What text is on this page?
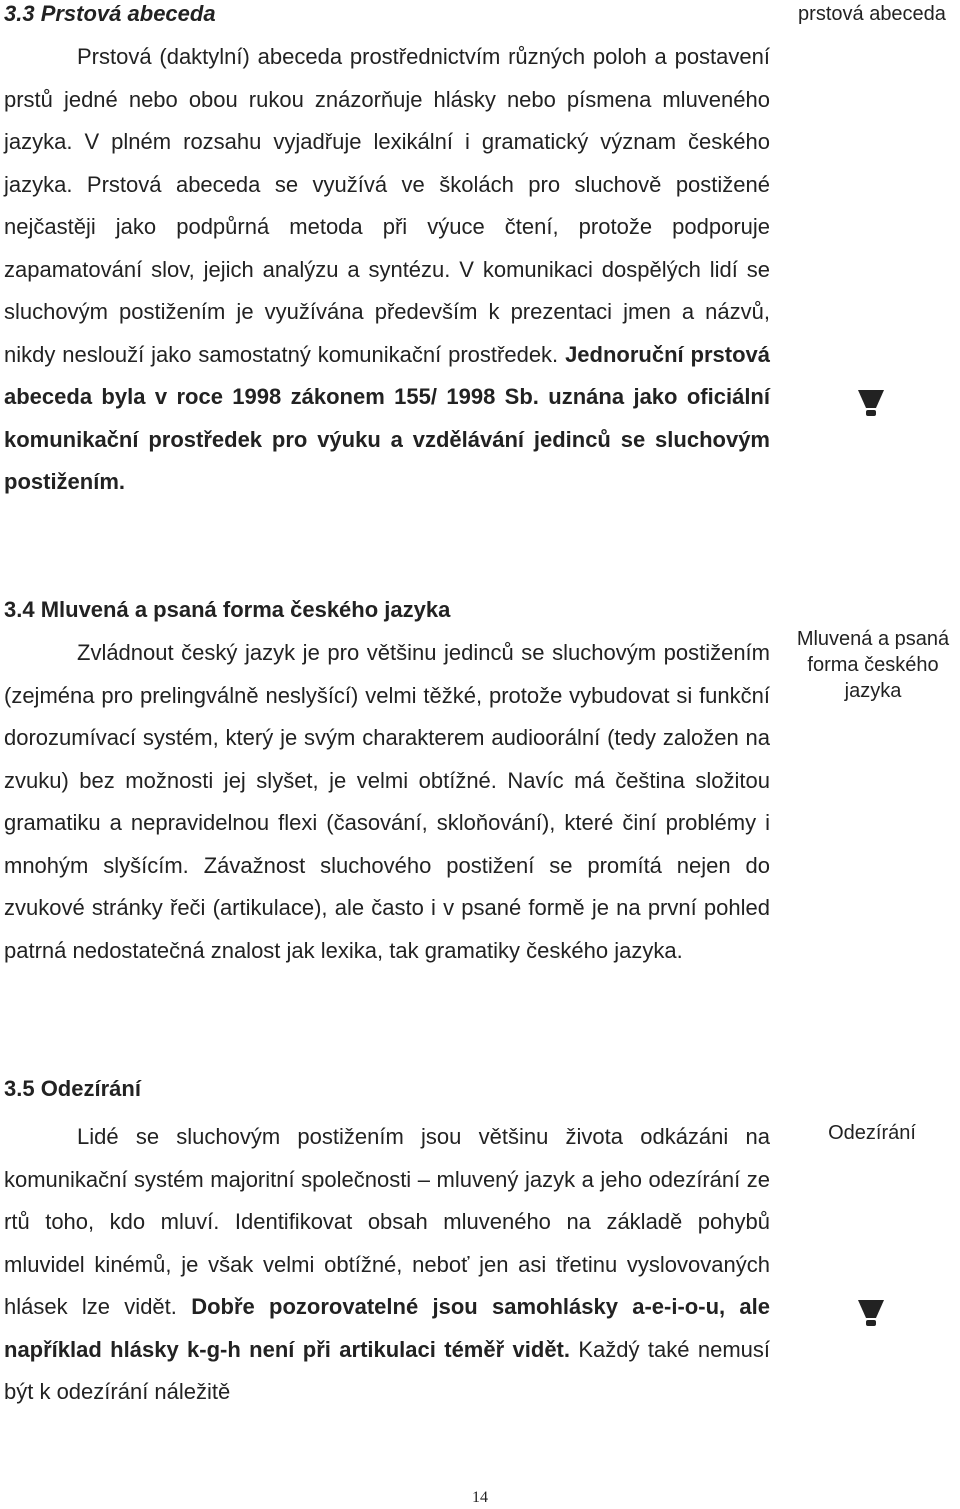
3.3 Prstová abeceda	prstová abeceda
Prstová (daktylní) abeceda prostřednictvím různých poloh a postavení prstů jedné nebo obou rukou znázorňuje hlásky nebo písmena mluveného jazyka. V plném rozsahu vyjadřuje lexikální i gramatický význam českého jazyka. Prstová abeceda se využívá ve školách pro sluchově postižené nejčastěji jako podpůrná metoda při výuce čtení, protože podporuje zapamatování slov, jejich analýzu a syntézu. V komunikaci dospělých lidí se sluchovým postižením je využívána především k prezentaci jmen a názvů, nikdy neslouží jako samostatný komunikační prostředek. Jednoruční prstová abeceda byla v roce 1998 zákonem 155/ 1998 Sb. uznána jako oficiální komunikační prostředek pro výuku a vzdělávání jedinců se sluchovým postižením.
3.4 Mluvená a psaná forma českého jazyka
Mluvená a psaná forma českého jazyka
Zvládnout český jazyk je pro většinu jedinců se sluchovým postižením (zejména pro prelingválně neslyšící) velmi těžké, protože vybudovat si funkční dorozumívací systém, který je svým charakterem audioorální (tedy založen na zvuku) bez možnosti jej slyšet, je velmi obtížné. Navíc má čeština složitou gramatiku a nepravidelnou flexi (časování, skloňování), které činí problémy i mnohým slyšícím. Závažnost sluchového postižení se promítá nejen do zvukové stránky řeči (artikulace), ale často i v psané formě je na první pohled patrná nedostatečná znalost jak lexika, tak gramatiky českého jazyka.
3.5 Odezírání
Odezírání
Lidé se sluchovým postižením jsou většinu života odkázáni na komunikační systém majoritní společnosti – mluvený jazyk a jeho odezírání ze rtů toho, kdo mluví. Identifikovat obsah mluveného na základě pohybů mluvidel kinémů, je však velmi obtížné, neboť jen asi třetinu vyslovovaných hlásek lze vidět. Dobře pozorovatelné jsou samohlásky a-e-i-o-u, ale například hlásky k-g-h není při artikulaci téměř vidět. Každý také nemusí být k odezírání náležitě
14
